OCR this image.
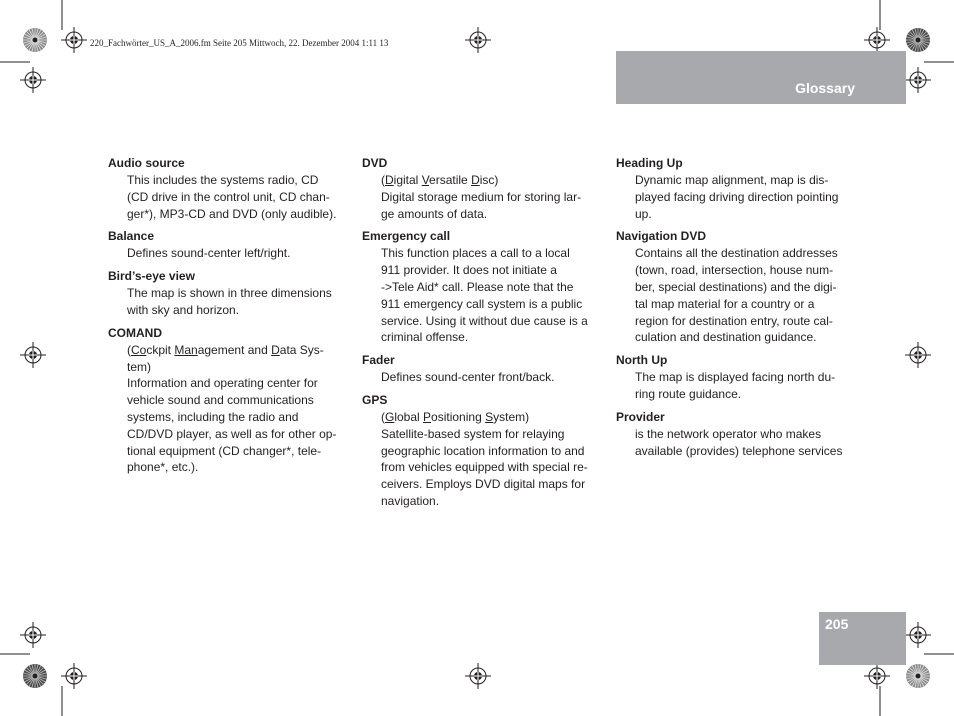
220_Fachwörter_US_A_2006.fm Seite 205 Mittwoch, 22. Dezember 2004 1:11 13
Glossary
Audio source
This includes the systems radio, CD
(CD drive in the control unit, CD chan-
ger*), MP3-CD and DVD (only audible).
Balance
Defines sound-center left/right.
Bird’s-eye view
The map is shown in three dimensions
with sky and horizon.
COMAND
(Cockpit Management and Data Sys-
tem)
Information and operating center for
vehicle sound and communications
systems, including the radio and
CD/DVD player, as well as for other op-
tional equipment (CD changer*, tele-
phone*, etc.).
DVD
(Digital Versatile Disc)
Digital storage medium for storing lar-
ge amounts of data.
Emergency call
This function places a call to a local
911 provider. It does not initiate a
->Tele Aid* call. Please note that the
911 emergency call system is a public
service. Using it without due cause is a
criminal offense.
Fader
Defines sound-center front/back.
GPS
(Global Positioning System)
Satellite-based system for relaying
geographic location information to and
from vehicles equipped with special re-
ceivers. Employs DVD digital maps for
navigation.
Heading Up
Dynamic map alignment, map is dis-
played facing driving direction pointing
up.
Navigation DVD
Contains all the destination addresses
(town, road, intersection, house num-
ber, special destinations) and the digi-
tal map material for a country or a
region for destination entry, route cal-
culation and destination guidance.
North Up
The map is displayed facing north du-
ring route guidance.
Provider
is the network operator who makes
available (provides) telephone services
205
